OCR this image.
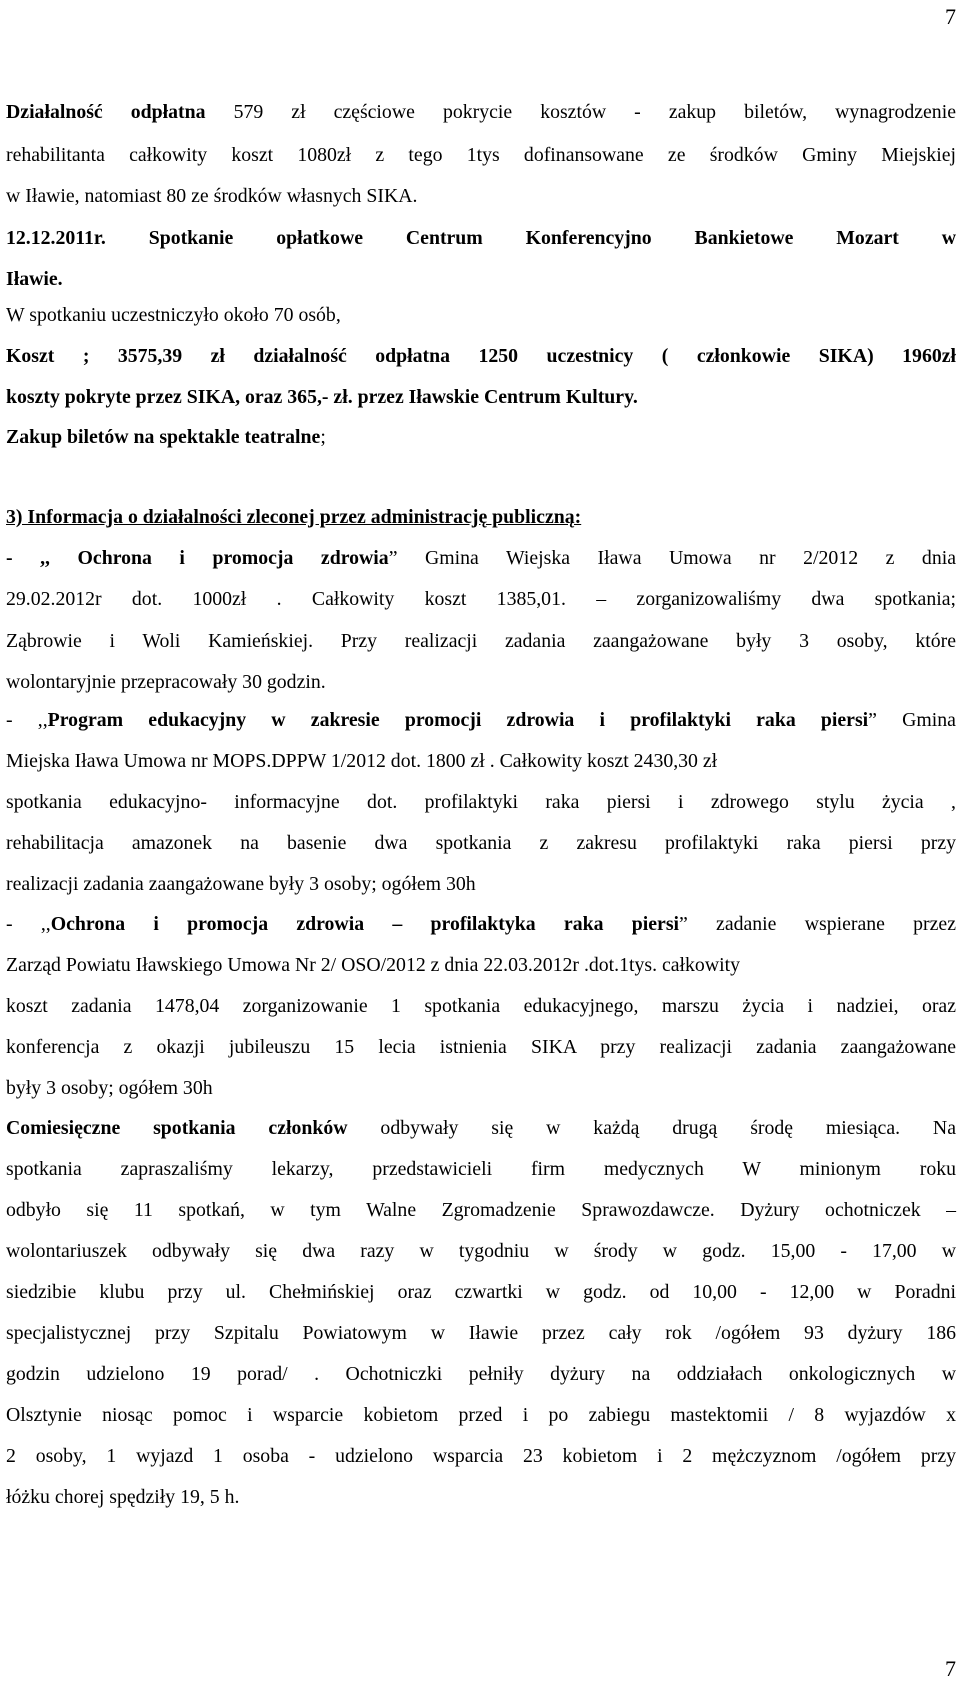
7
Działalność odpłatna 579 zł częściowe pokrycie kosztów - zakup biletów, wynagrodzenie
rehabilitanta całkowity koszt 1080zł z tego 1tys dofinansowane ze środków Gminy Miejskiej
w Iławie, natomiast 80 ze środków własnych SIKA.
12.12.2011r. Spotkanie opłatkowe Centrum Konferencyjno Bankietowe Mozart w
Iławie.
W spotkaniu uczestniczyło około 70 osób,
Koszt ; 3575,39 zł działalność odpłatna 1250 uczestnicy ( członkowie SIKA) 1960zł
koszty pokryte przez SIKA, oraz 365,- zł. przez Iławskie Centrum Kultury.
Zakup biletów na spektakle teatralne;
3) Informacja o działalności zleconej przez administrację publiczną:
- ,, Ochrona i promocja zdrowia” Gmina Wiejska Iława Umowa nr 2/2012 z dnia
29.02.2012r dot. 1000zł . Całkowity koszt 1385,01. – zorganizowaliśmy dwa spotkania;
Ząbrowie i Woli Kamieńskiej. Przy realizacji zadania zaangażowane były 3 osoby, które
wolontaryjnie przepracowały 30 godzin.
- ,,Program edukacyjny w zakresie promocji zdrowia i profilaktyki raka piersi” Gmina
Miejska Iława Umowa nr MOPS.DPPW 1/2012 dot. 1800 zł . Całkowity koszt 2430,30 zł
spotkania edukacyjno- informacyjne dot. profilaktyki raka piersi i zdrowego stylu życia ,
rehabilitacja amazonek na basenie dwa spotkania z zakresu profilaktyki raka piersi przy
realizacji zadania zaangażowane były 3 osoby; ogółem 30h
- ,,Ochrona i promocja zdrowia – profilaktyka raka piersi” zadanie wspierane przez
Zarząd Powiatu Iławskiego Umowa Nr 2/ OSO/2012 z dnia 22.03.2012r .dot.1tys. całkowity
koszt zadania 1478,04 zorganizowanie 1 spotkania edukacyjnego, marszu życia i nadziei, oraz
konferencja z okazji jubileuszu 15 lecia istnienia SIKA przy realizacji zadania zaangażowane
były 3 osoby; ogółem 30h
Comiesięczne spotkania członków odbywały się w każdą drugą środę miesiąca. Na
spotkania zapraszaliśmy lekarzy, przedstawicieli firm medycznych W minionym roku
odbyło się 11 spotkań, w tym Walne Zgromadzenie Sprawozdawcze. Dyżury ochotniczek –
wolontariuszek odbywały się dwa razy w tygodniu w środy w godz. 15,00 - 17,00 w
siedzibie klubu przy ul. Chełmińskiej oraz czwartki w godz. od 10,00 - 12,00 w Poradni
specjalistycznej przy Szpitalu Powiatowym w Iławie przez cały rok /ogółem 93 dyżury 186
godzin udzielono 19 porad/ . Ochotniczki pełniły dyżury na oddziałach onkologicznych w
Olsztynie niosąc pomoc i wsparcie kobietom przed i po zabiegu mastektomii / 8 wyjazdów x
2 osoby, 1 wyjazd 1 osoba - udzielono wsparcia 23 kobietom i 2 mężczyznom /ogółem przy
łóżku chorej spędziły 19, 5 h.
7
